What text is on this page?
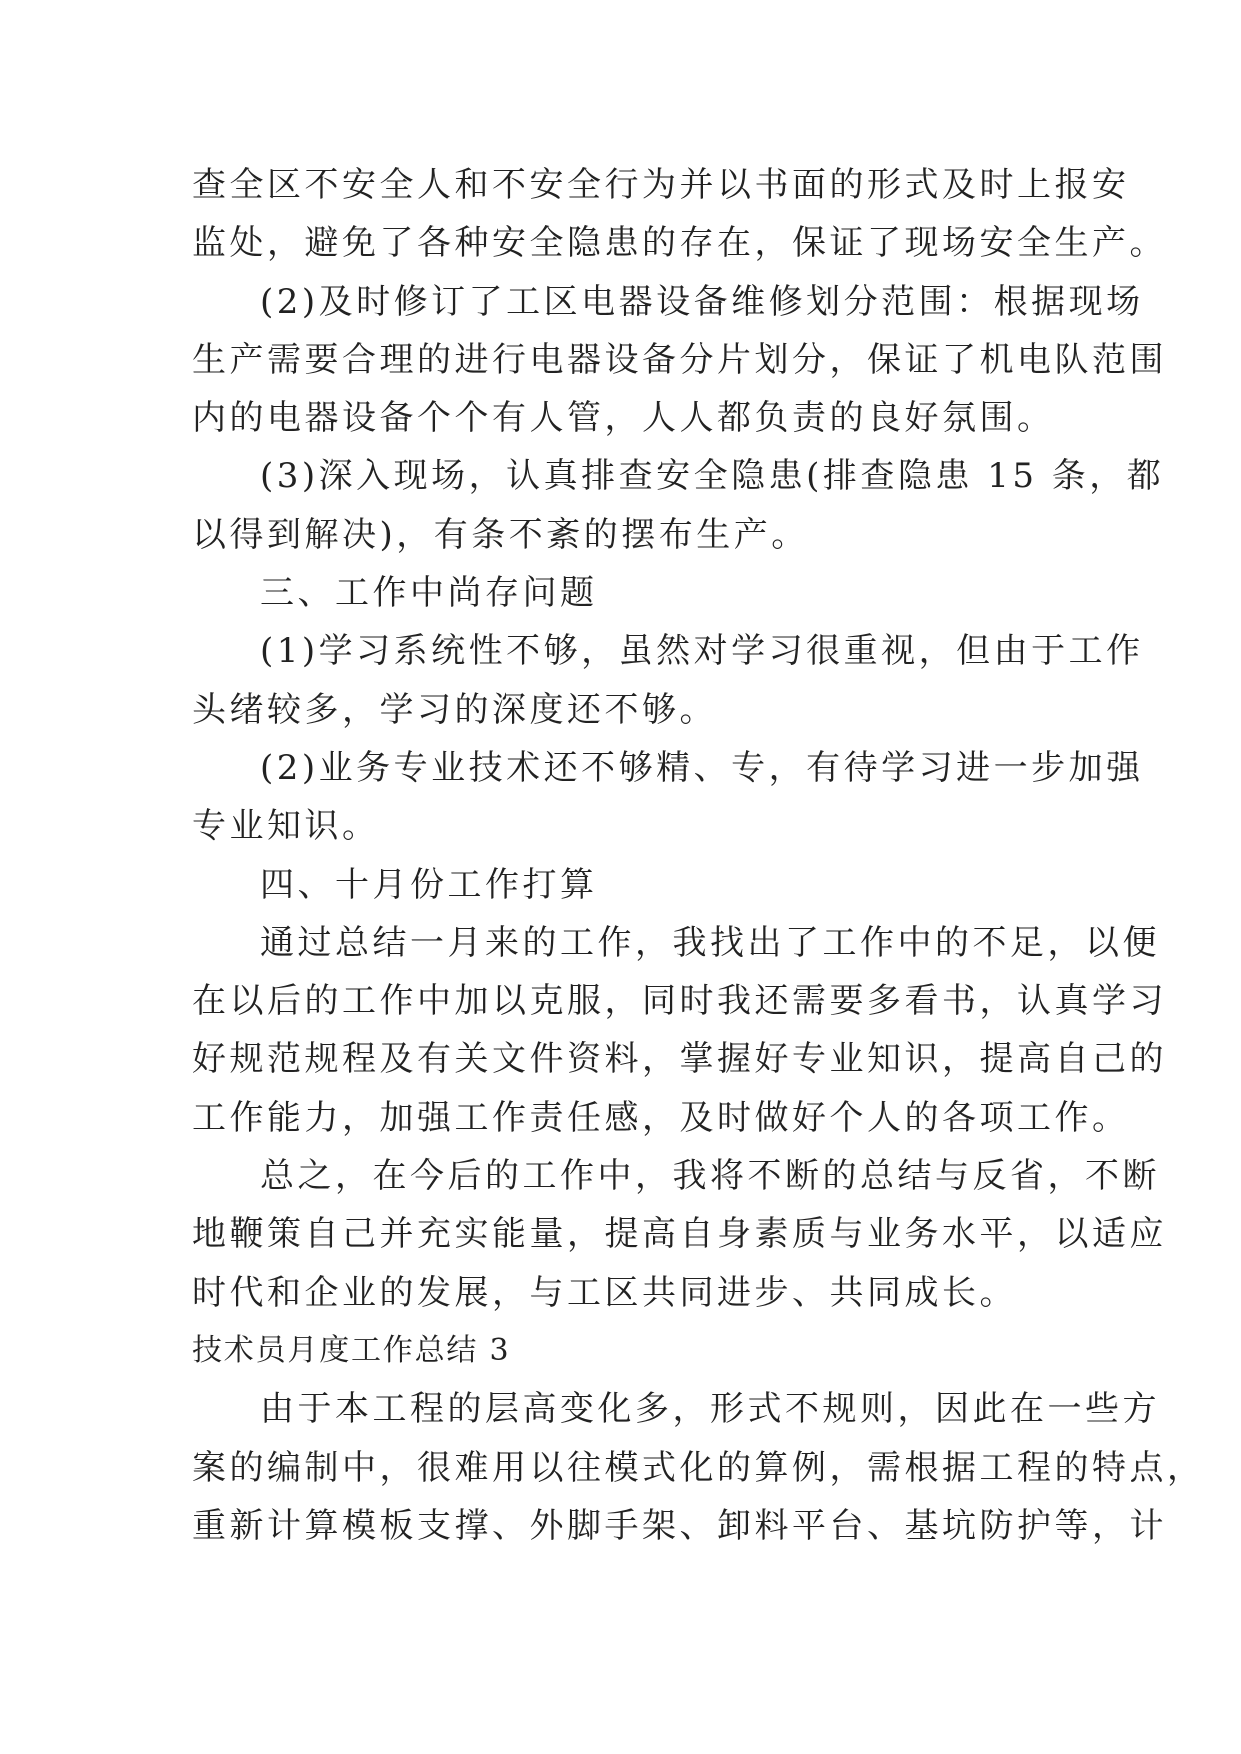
查全区不安全人和不安全行为并以书面的形式及时上报安
监处，避免了各种安全隐患的存在，保证了现场安全生产。
(2)及时修订了工区电器设备维修划分范围：根据现场
生产需要合理的进行电器设备分片划分，保证了机电队范围
内的电器设备个个有人管，人人都负责的良好氛围。
(3)深入现场，认真排查安全隐患(排查隐患 15 条，都
以得到解决)，有条不紊的摆布生产。
三、工作中尚存问题
(1)学习系统性不够，虽然对学习很重视，但由于工作
头绪较多，学习的深度还不够。
(2)业务专业技术还不够精、专，有待学习进一步加强
专业知识。
四、十月份工作打算
通过总结一月来的工作，我找出了工作中的不足，以便
在以后的工作中加以克服，同时我还需要多看书，认真学习
好规范规程及有关文件资料，掌握好专业知识，提高自己的
工作能力，加强工作责任感，及时做好个人的各项工作。
总之，在今后的工作中，我将不断的总结与反省，不断
地鞭策自己并充实能量，提高自身素质与业务水平，以适应
时代和企业的发展，与工区共同进步、共同成长。
技术员月度工作总结 3
由于本工程的层高变化多，形式不规则，因此在一些方
案的编制中，很难用以往模式化的算例，需根据工程的特点，
重新计算模板支撑、外脚手架、卸料平台、基坑防护等，计
